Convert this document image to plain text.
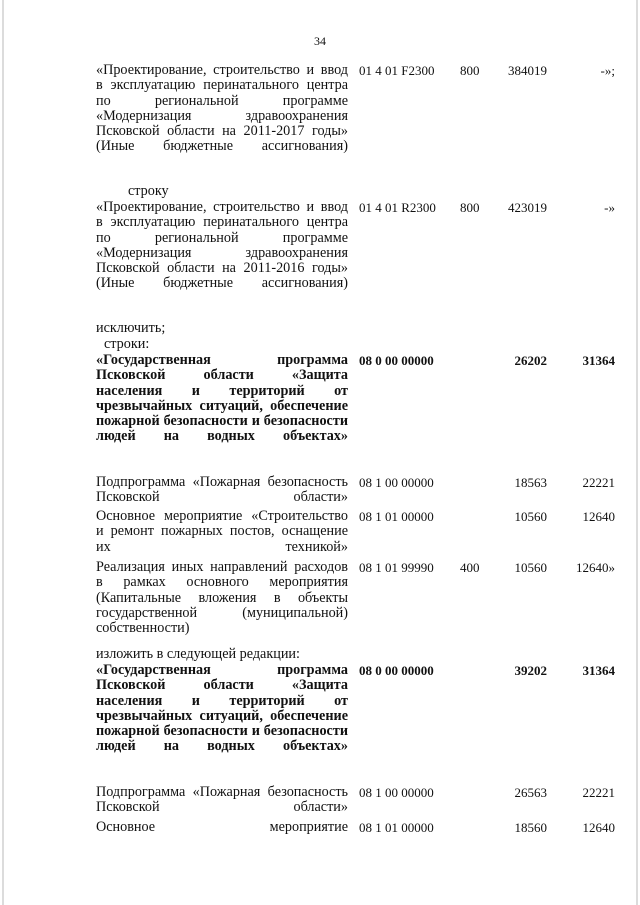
34
«Проектирование, строительство и ввод в эксплуатацию перинатального центра по региональной программе «Модернизация здравоохранения Псковской области на 2011-2017 годы» (Иные бюджетные ассигнования)
01 4 01 F2300 800 384019	-»;
строку
«Проектирование, строительство и ввод в эксплуатацию перинатального центра по региональной программе «Модернизация здравоохранения Псковской области на 2011-2016 годы» (Иные бюджетные ассигнования)
01 4 01 R2300 800 423019	-»
исключить;
строки:
«Государственная программа Псковской области «Защита населения и территорий от чрезвычайных ситуаций, обеспечение пожарной безопасности и безопасности людей на водных объектах»
08 0 00 00000	26202	31364
Подпрограмма «Пожарная безопасность Псковской области»
08 1 00 00000	18563	22221
Основное мероприятие «Строительство и ремонт пожарных постов, оснащение их техникой»
08 1 01 00000	10560	12640
Реализация иных направлений расходов в рамках основного мероприятия (Капитальные вложения в объекты государственной (муниципальной) собственности)
08 1 01 99990 400	10560 12640»
изложить в следующей редакции:
«Государственная программа Псковской области «Защита населения и территорий от чрезвычайных ситуаций, обеспечение пожарной безопасности и безопасности людей на водных объектах»
08 0 00 00000	39202	31364
Подпрограмма «Пожарная безопасность Псковской области»
08 1 00 00000	26563	22221
Основное мероприятие 08 1 01 00000	18560	12640
